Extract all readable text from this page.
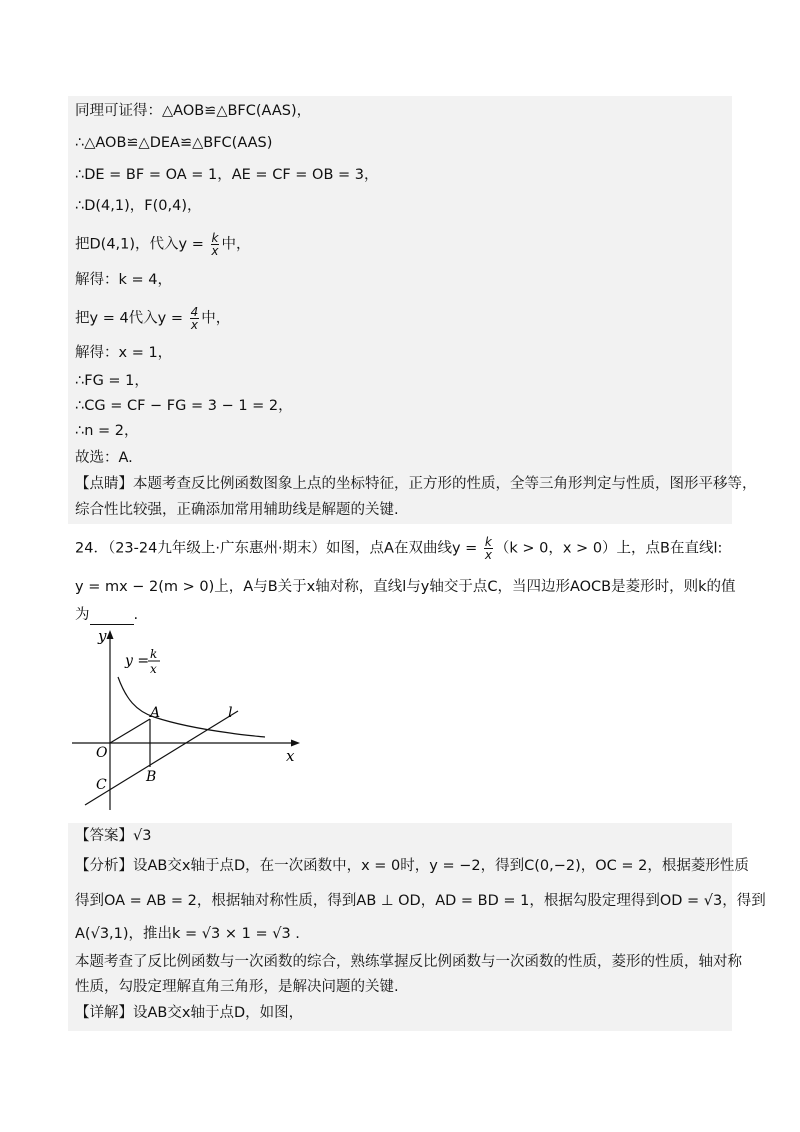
同理可证得：△AOB≌△BFC(AAS)，
∴△AOB≌△DEA≌△BFC(AAS)
∴DE = BF = OA = 1，AE = CF = OB = 3，
∴D(4,1)，F(0,4)，
把D(4,1)，代入$y = \frac{k}{x}$ 中，
解得：k = 4，
把y = 4代入$y = \frac{4}{x}$ 中，
解得：x = 1，
∴FG = 1，
∴CG = CF − FG = 3 − 1 = 2，
∴n = 2，
故选：A.
【点睛】本题考查反比例函数图象上点的坐标特征，正方形的性质，全等三角形判定与性质，图形平移等，
综合性比较强，正确添加常用辅助线是解题的关键.
24．（23-24九年级上·广东惠州·期末）如图，点A在双曲线$y = \frac{k}{x} (k > 0$，x > 0）上，点B在直线l:
y = mx − 2(m > 0)上，A与B关于x轴对称，直线l与y轴交于点C，当四边形AOCB是菱形时，则k的值
为	.
y
x
y = k
x
A
O
B
C
l
【答案】√3
【分析】设AB交x轴于点D，在一次函数中，x = 0时，y = −2，得到C(0,−2)，OC = 2，根据菱形性质
得到OA = AB = 2，根据轴对称性质，得到AB ⊥ OD，AD = BD = 1，根据勾股定理得到OD = √3，得到
A(√3,1)，推出k = √3 × 1 = √3 .
本题考查了反比例函数与一次函数的综合，熟练掌握反比例函数与一次函数的性质，菱形的性质，轴对称
性质，勾股定理解直角三角形，是解决问题的关键.
【详解】设AB交x轴于点D，如图，
